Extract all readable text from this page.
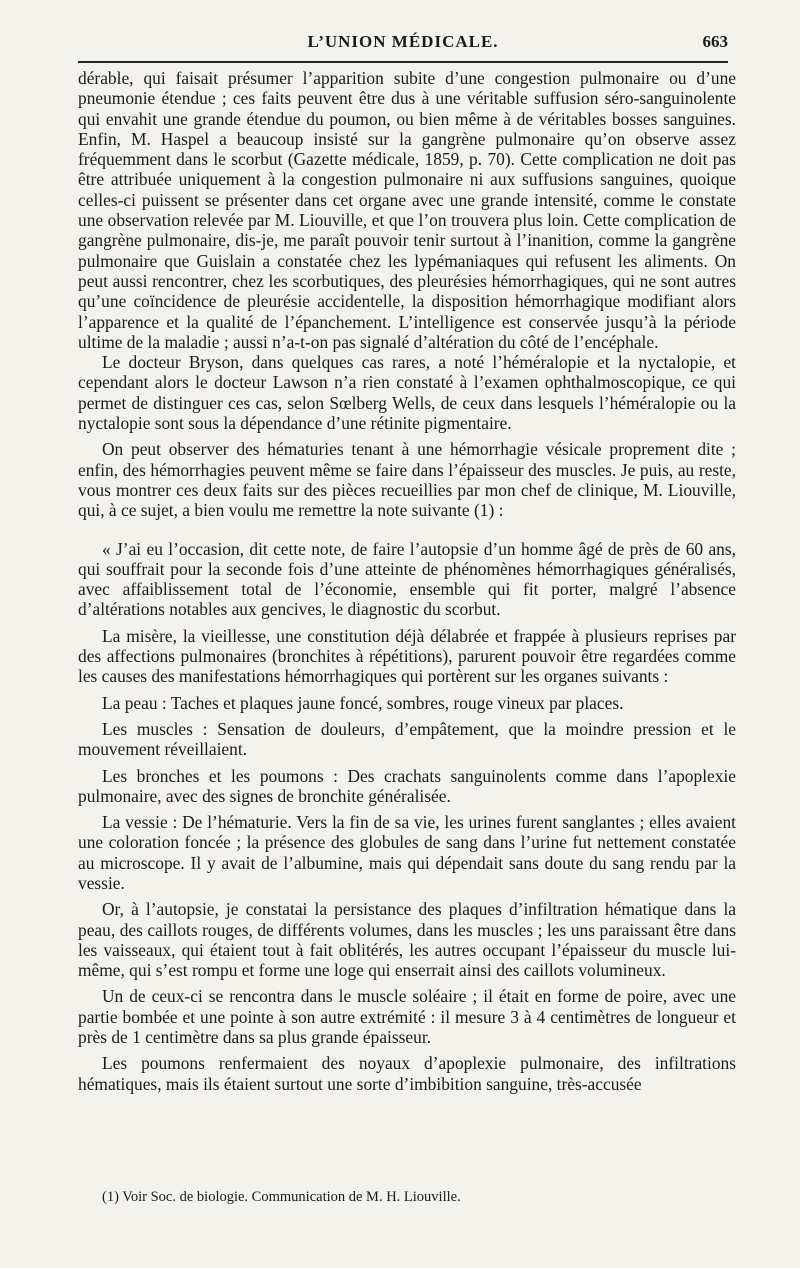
L’UNION MÉDICALE.	663

dérable, qui faisait présumer l’apparition subite d’une congestion pulmonaire ou d’une pneumonie étendue ; ces faits peuvent être dus à une véritable suffusion séro-sanguinolente qui envahit une grande étendue du poumon, ou bien même à de véritables bosses sanguines. Enfin, M. Haspel a beaucoup insisté sur la gangrène pulmonaire qu’on observe assez fréquemment dans le scorbut (Gazette médicale, 1859, p. 70). Cette complication ne doit pas être attribuée uniquement à la congestion pulmonaire ni aux suffusions sanguines, quoique celles-ci puissent se présenter dans cet organe avec une grande intensité, comme le constate une observation relevée par M. Liouville, et que l’on trouvera plus loin. Cette complication de gangrène pulmonaire, dis-je, me paraît pouvoir tenir surtout à l’inanition, comme la gangrène pulmonaire que Guislain a constatée chez les lypémaniaques qui refusent les aliments. On peut aussi rencontrer, chez les scorbutiques, des pleurésies hémorrhagiques, qui ne sont autres qu’une coïncidence de pleurésie accidentelle, la disposition hémorrhagique modifiant alors l’apparence et la qualité de l’épanchement. L’intelligence est conservée jusqu’à la période ultime de la maladie ; aussi n’a-t-on pas signalé d’altération du côté de l’encéphale.

Le docteur Bryson, dans quelques cas rares, a noté l’héméralopie et la nyctalopie, et cependant alors le docteur Lawson n’a rien constaté à l’examen ophthalmoscopique, ce qui permet de distinguer ces cas, selon Sœlberg Wells, de ceux dans lesquels l’héméralopie ou la nyctalopie sont sous la dépendance d’une rétinite pigmentaire.

On peut observer des hématuries tenant à une hémorrhagie vésicale proprement dite ; enfin, des hémorrhagies peuvent même se faire dans l’épaisseur des muscles. Je puis, au reste, vous montrer ces deux faits sur des pièces recueillies par mon chef de clinique, M. Liouville, qui, à ce sujet, a bien voulu me remettre la note suivante (1) :

« J’ai eu l’occasion, dit cette note, de faire l’autopsie d’un homme âgé de près de 60 ans, qui souffrait pour la seconde fois d’une atteinte de phénomènes hémorrhagiques généralisés, avec affaiblissement total de l’économie, ensemble qui fit porter, malgré l’absence d’altérations notables aux gencives, le diagnostic du scorbut.

La misère, la vieillesse, une constitution déjà délabrée et frappée à plusieurs reprises par des affections pulmonaires (bronchites à répétitions), parurent pouvoir être regardées comme les causes des manifestations hémorrhagiques qui portèrent sur les organes suivants :

La peau : Taches et plaques jaune foncé, sombres, rouge vineux par places.

Les muscles : Sensation de douleurs, d’empâtement, que la moindre pression et le mouvement réveillaient.

Les bronches et les poumons : Des crachats sanguinolents comme dans l’apoplexie pulmonaire, avec des signes de bronchite généralisée.

La vessie : De l’hématurie. Vers la fin de sa vie, les urines furent sanglantes ; elles avaient une coloration foncée ; la présence des globules de sang dans l’urine fut nettement constatée au microscope. Il y avait de l’albumine, mais qui dépendait sans doute du sang rendu par la vessie.

Or, à l’autopsie, je constatai la persistance des plaques d’infiltration hématique dans la peau, des caillots rouges, de différents volumes, dans les muscles ; les uns paraissant être dans les vaisseaux, qui étaient tout à fait oblitérés, les autres occupant l’épaisseur du muscle lui-même, qui s’est rompu et forme une loge qui enserrait ainsi des caillots volumineux.

Un de ceux-ci se rencontra dans le muscle soléaire ; il était en forme de poire, avec une partie bombée et une pointe à son autre extrémité : il mesure 3 à 4 centimètres de longueur et près de 1 centimètre dans sa plus grande épaisseur.

Les poumons renfermaient des noyaux d’apoplexie pulmonaire, des infiltrations hématiques, mais ils étaient surtout une sorte d’imbibition sanguine, très-accusée

(1) Voir Soc. de biologie. Communication de M. H. Liouville.
